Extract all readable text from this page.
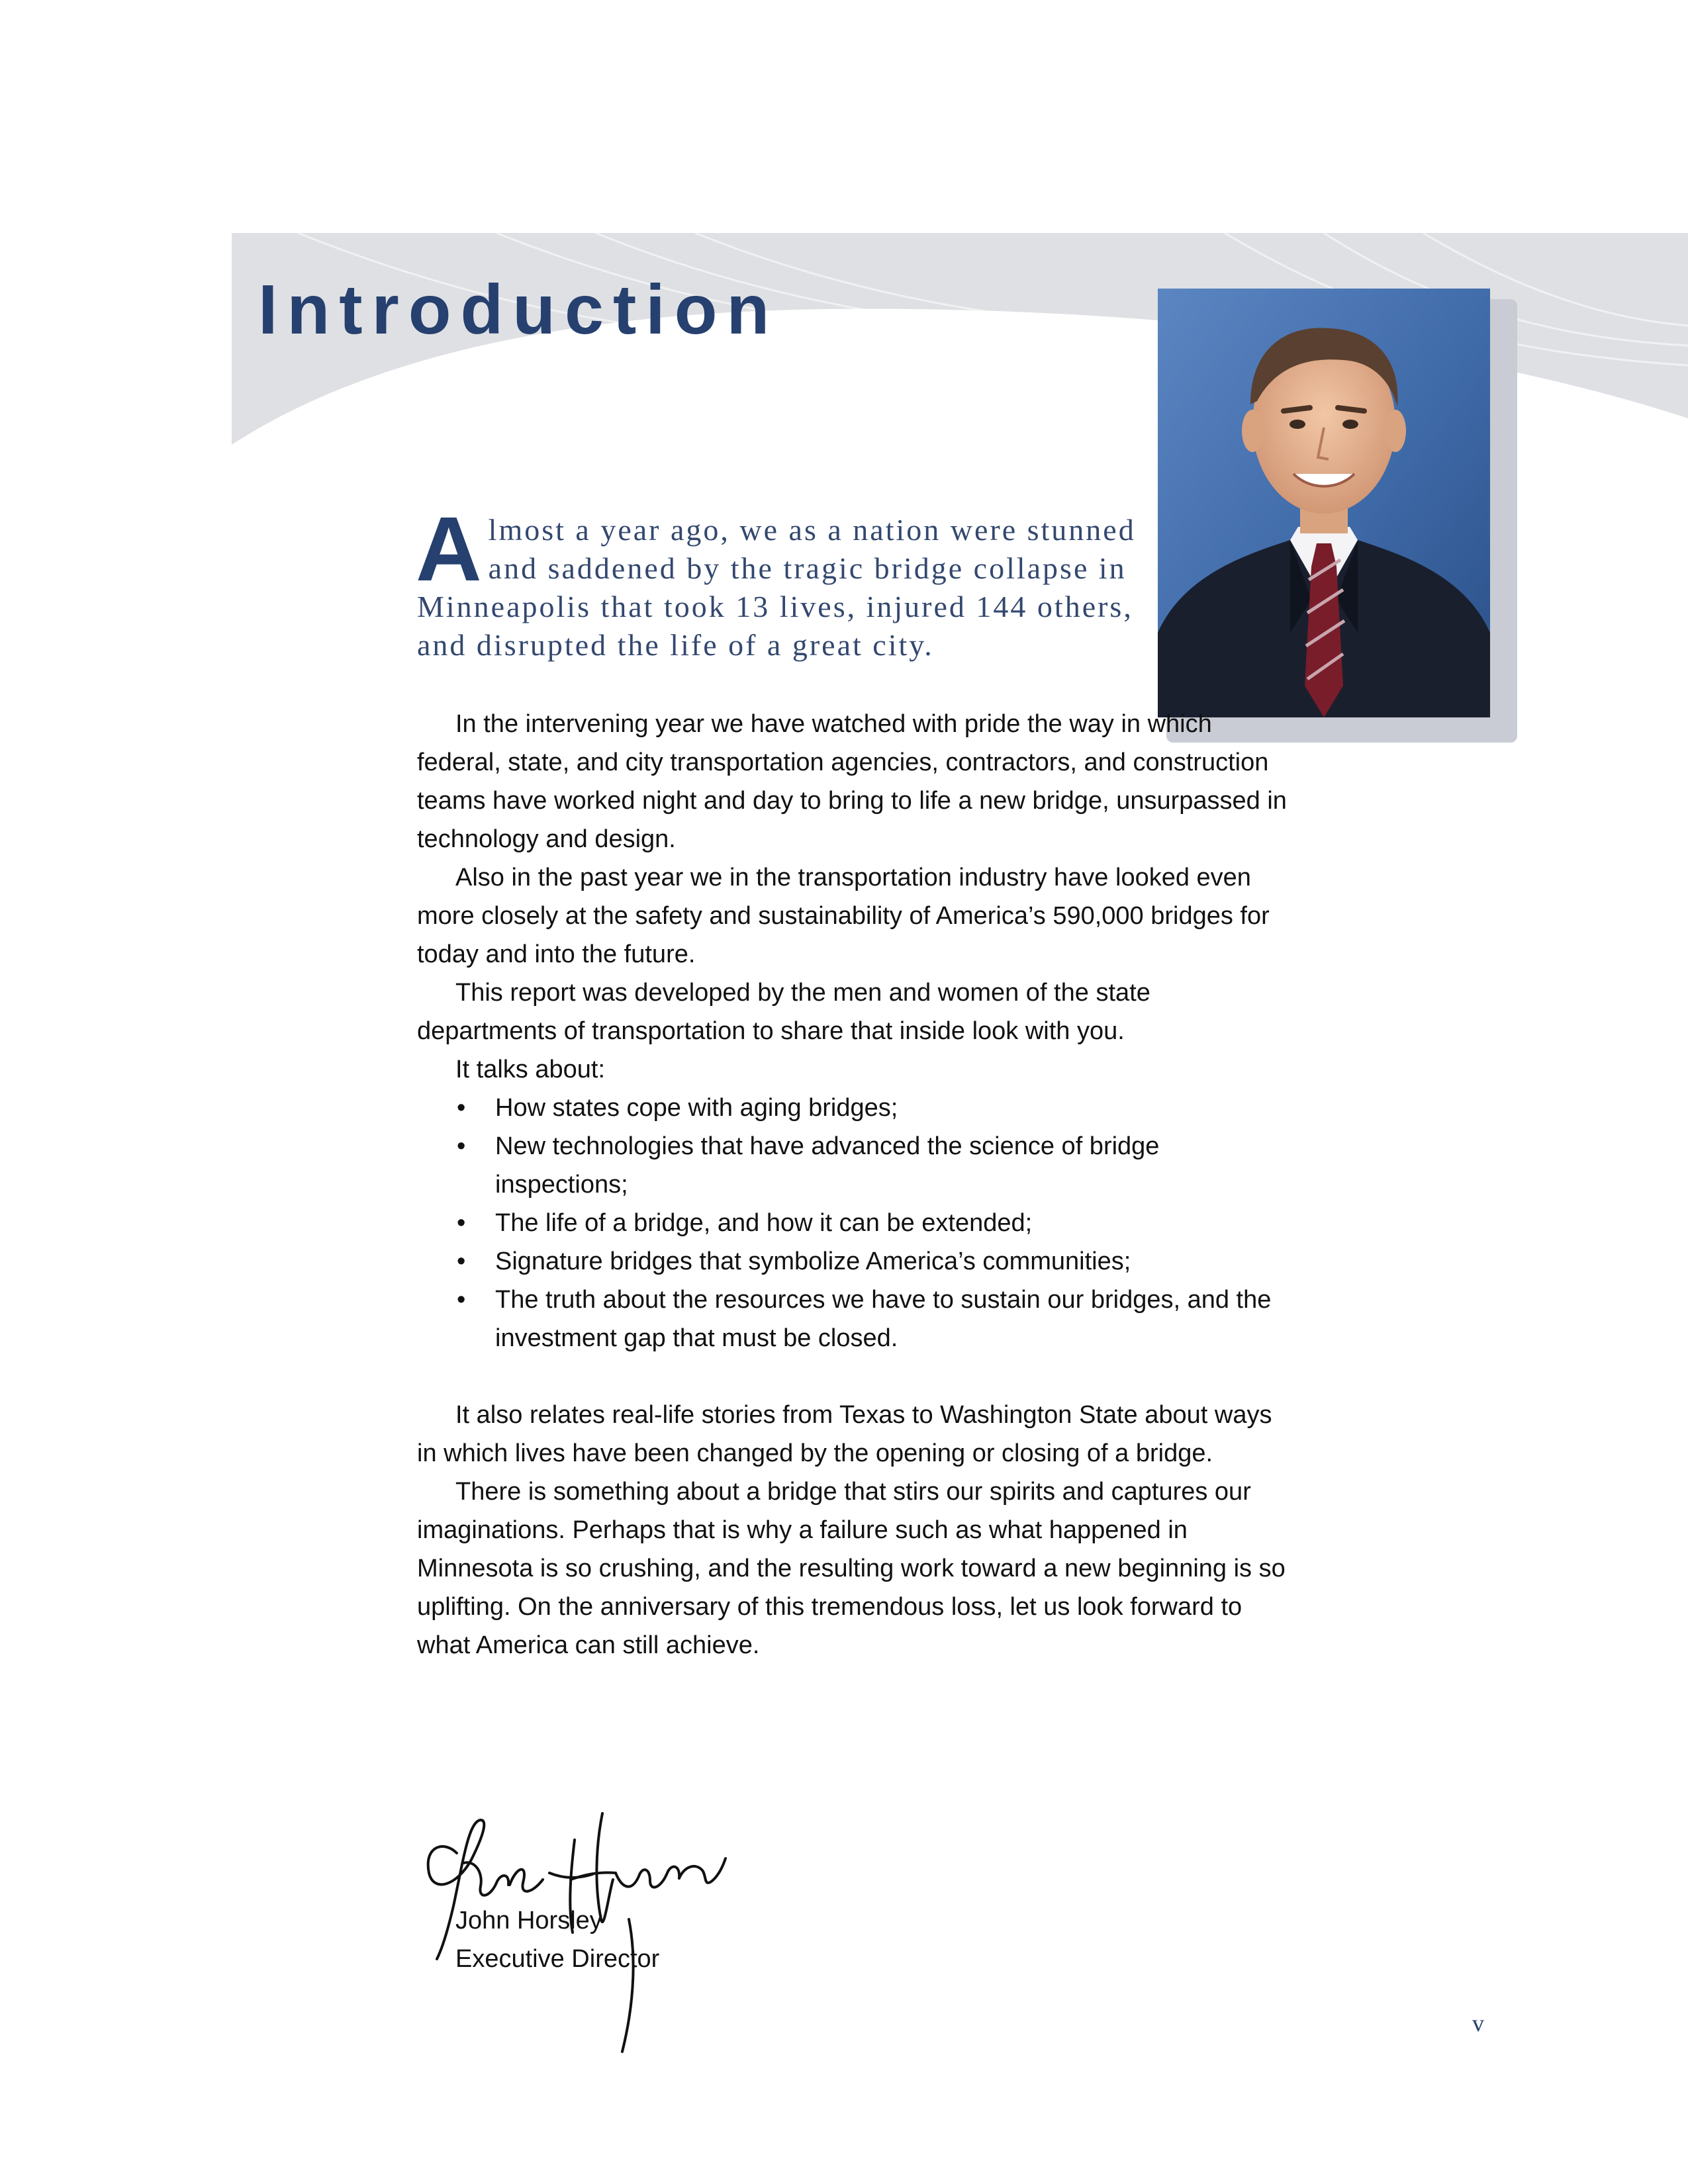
Introduction

A lmost a year ago, we as a nation were stunned and saddened by the tragic bridge collapse in Minneapolis that took 13 lives, injured 144 others, and disrupted the life of a great city.

In the intervening year we have watched with pride the way in which federal, state, and city transportation agencies, contractors, and construction teams have worked night and day to bring to life a new bridge, unsurpassed in technology and design.

Also in the past year we in the transportation industry have looked even more closely at the safety and sustainability of America’s 590,000 bridges for today and into the future.

This report was developed by the men and women of the state departments of transportation to share that inside look with you.

It talks about:

• How states cope with aging bridges;
• New technologies that have advanced the science of bridge inspections;
• The life of a bridge, and how it can be extended;
• Signature bridges that symbolize America’s communities;
• The truth about the resources we have to sustain our bridges, and the investment gap that must be closed.

It also relates real-life stories from Texas to Washington State about ways in which lives have been changed by the opening or closing of a bridge.

There is something about a bridge that stirs our spirits and captures our imaginations. Perhaps that is why a failure such as what happened in Minnesota is so crushing, and the resulting work toward a new beginning is so uplifting. On the anniversary of this tremendous loss, let us look forward to what America can still achieve.

John Horsley
Executive Director
v
